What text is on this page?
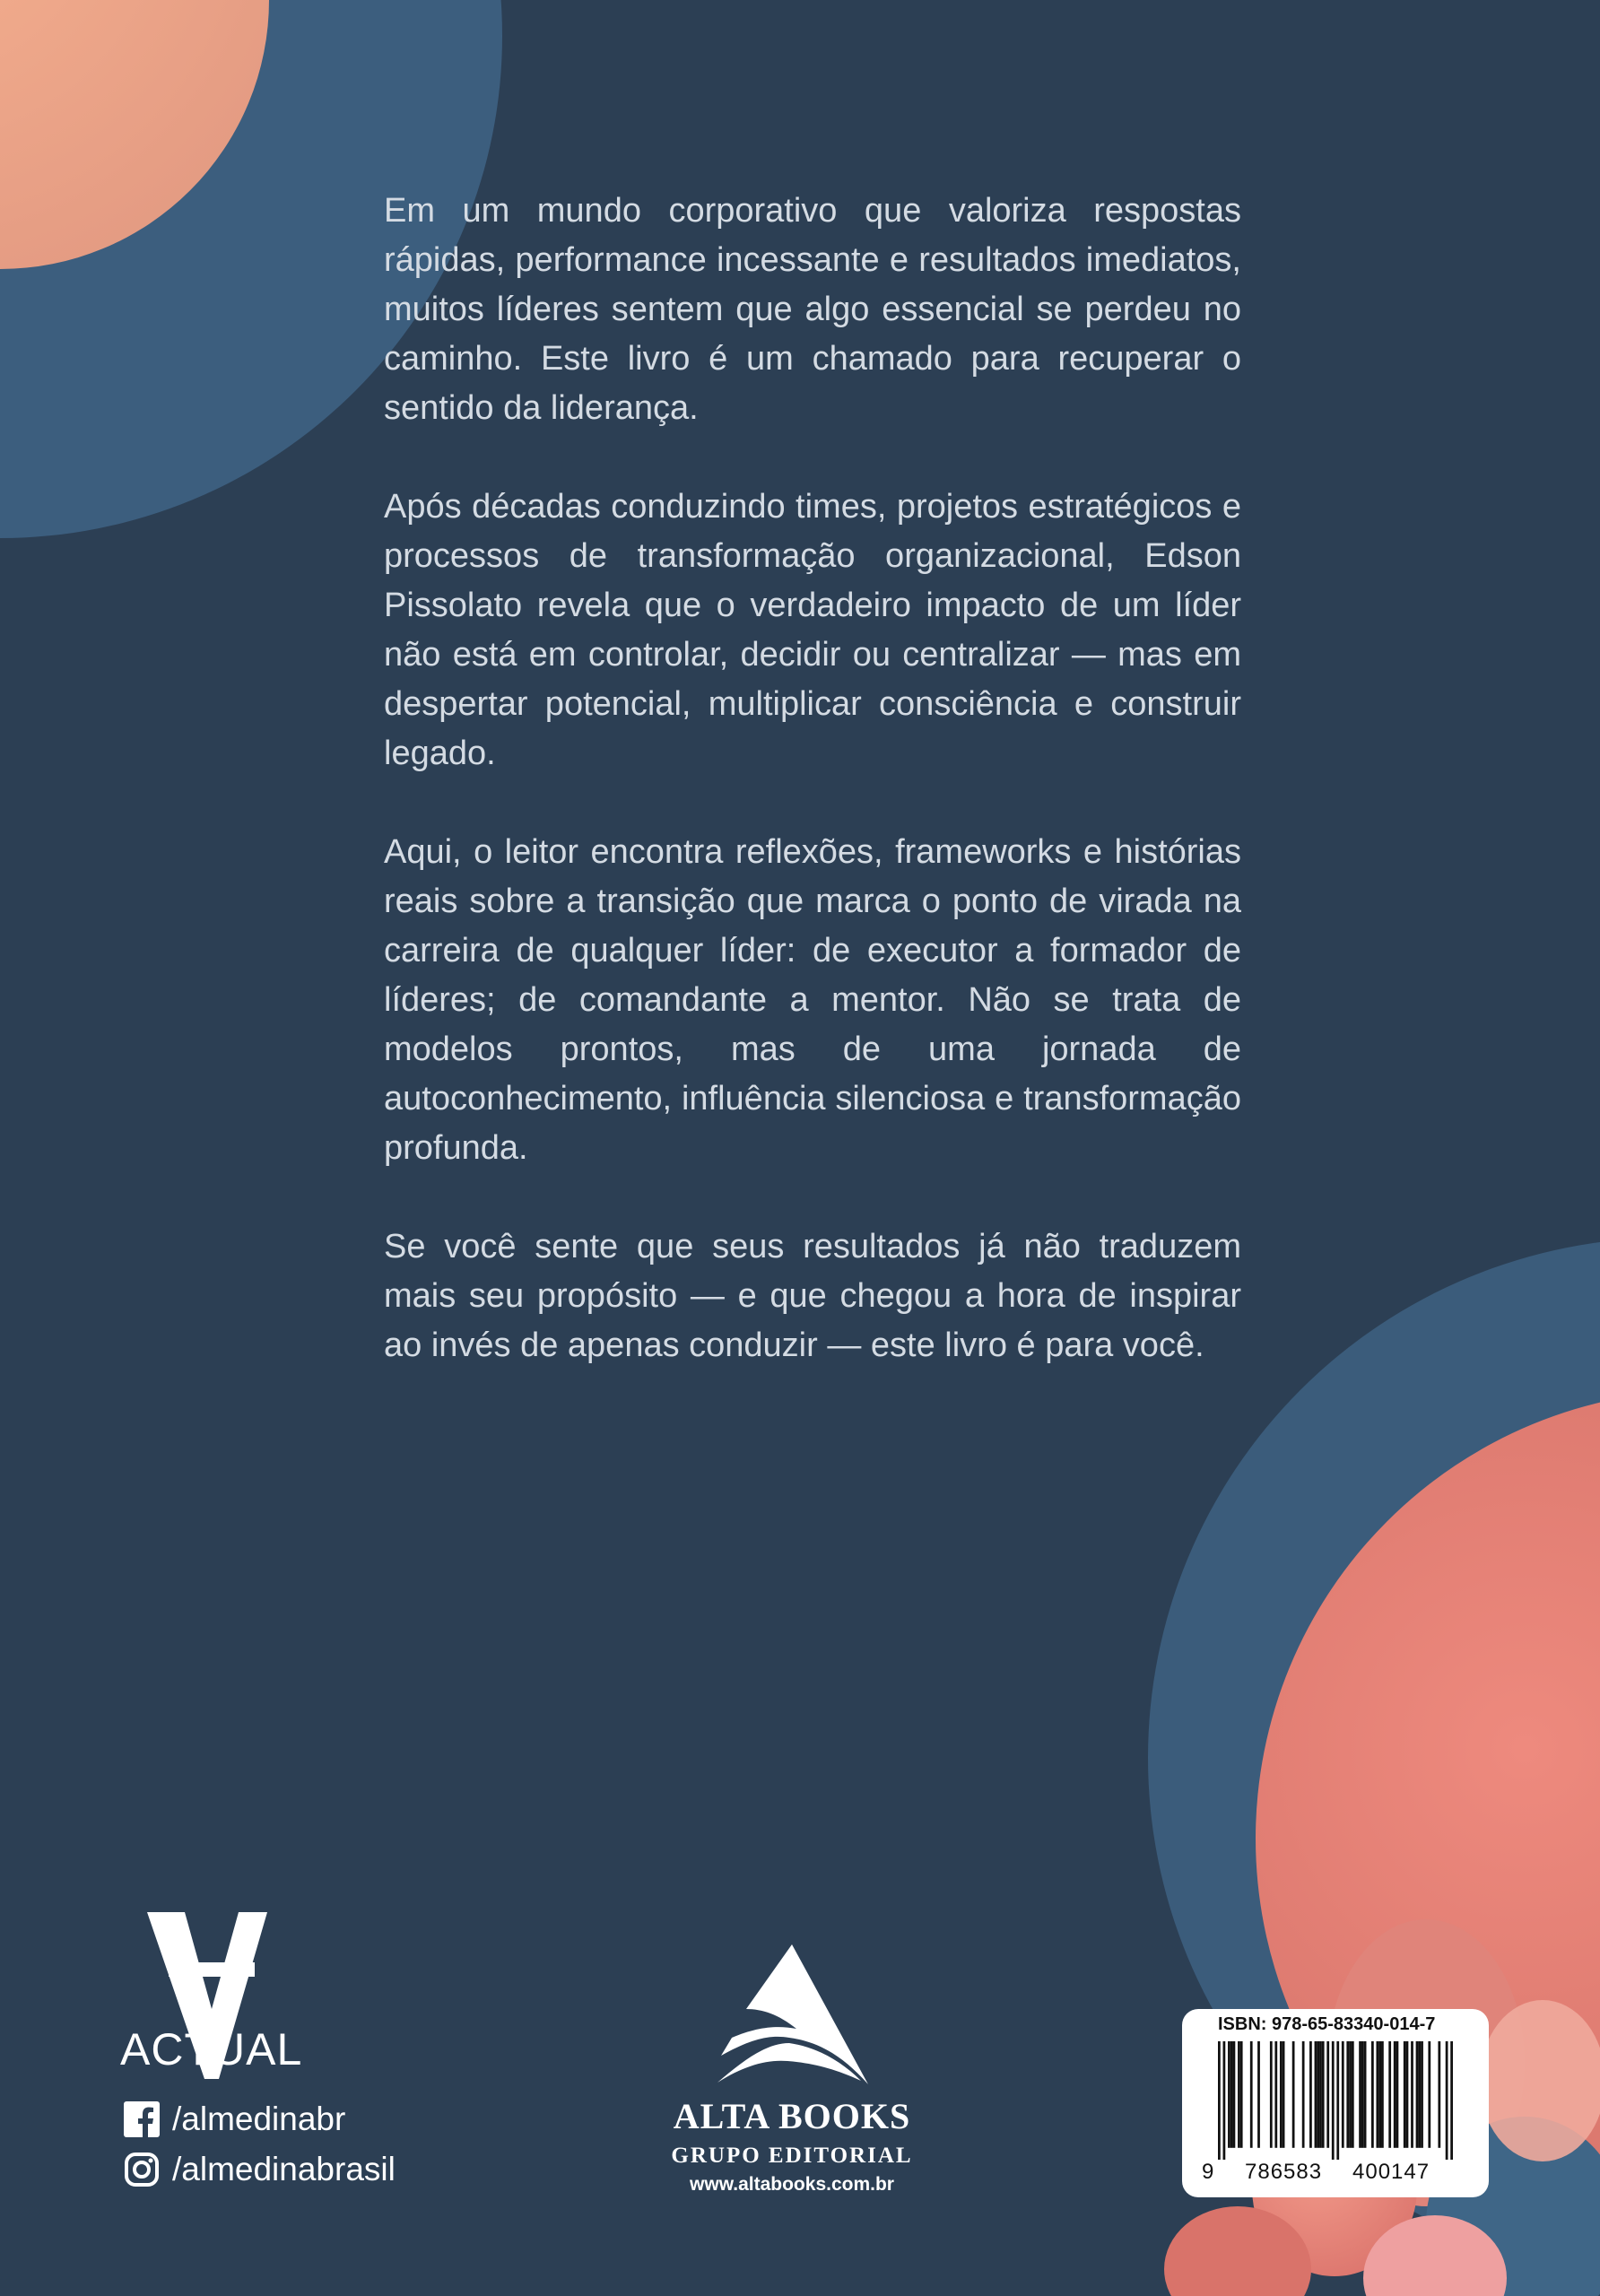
Em um mundo corporativo que valoriza respostas rápidas, performance incessante e resultados imediatos, muitos líderes sentem que algo essencial se perdeu no caminho. Este livro é um chamado para recuperar o sentido da liderança.

Após décadas conduzindo times, projetos estratégicos e processos de transformação organizacional, Edson Pissolato revela que o verdadeiro impacto de um líder não está em controlar, decidir ou centralizar — mas em despertar potencial, multiplicar consciência e construir legado.

Aqui, o leitor encontra reflexões, frameworks e histórias reais sobre a transição que marca o ponto de virada na carreira de qualquer líder: de executor a formador de líderes; de comandante a mentor. Não se trata de modelos prontos, mas de uma jornada de autoconhecimento, influência silenciosa e transformação profunda.

Se você sente que seus resultados já não traduzem mais seu propósito — e que chegou a hora de inspirar ao invés de apenas conduzir — este livro é para você.

ACTUAL
/almedinabr
/almedinabrasil
ALTA BOOKS
GRUPO EDITORIAL
www.altabooks.com.br
ISBN: 978-65-83340-014-7
9 786583 400147
